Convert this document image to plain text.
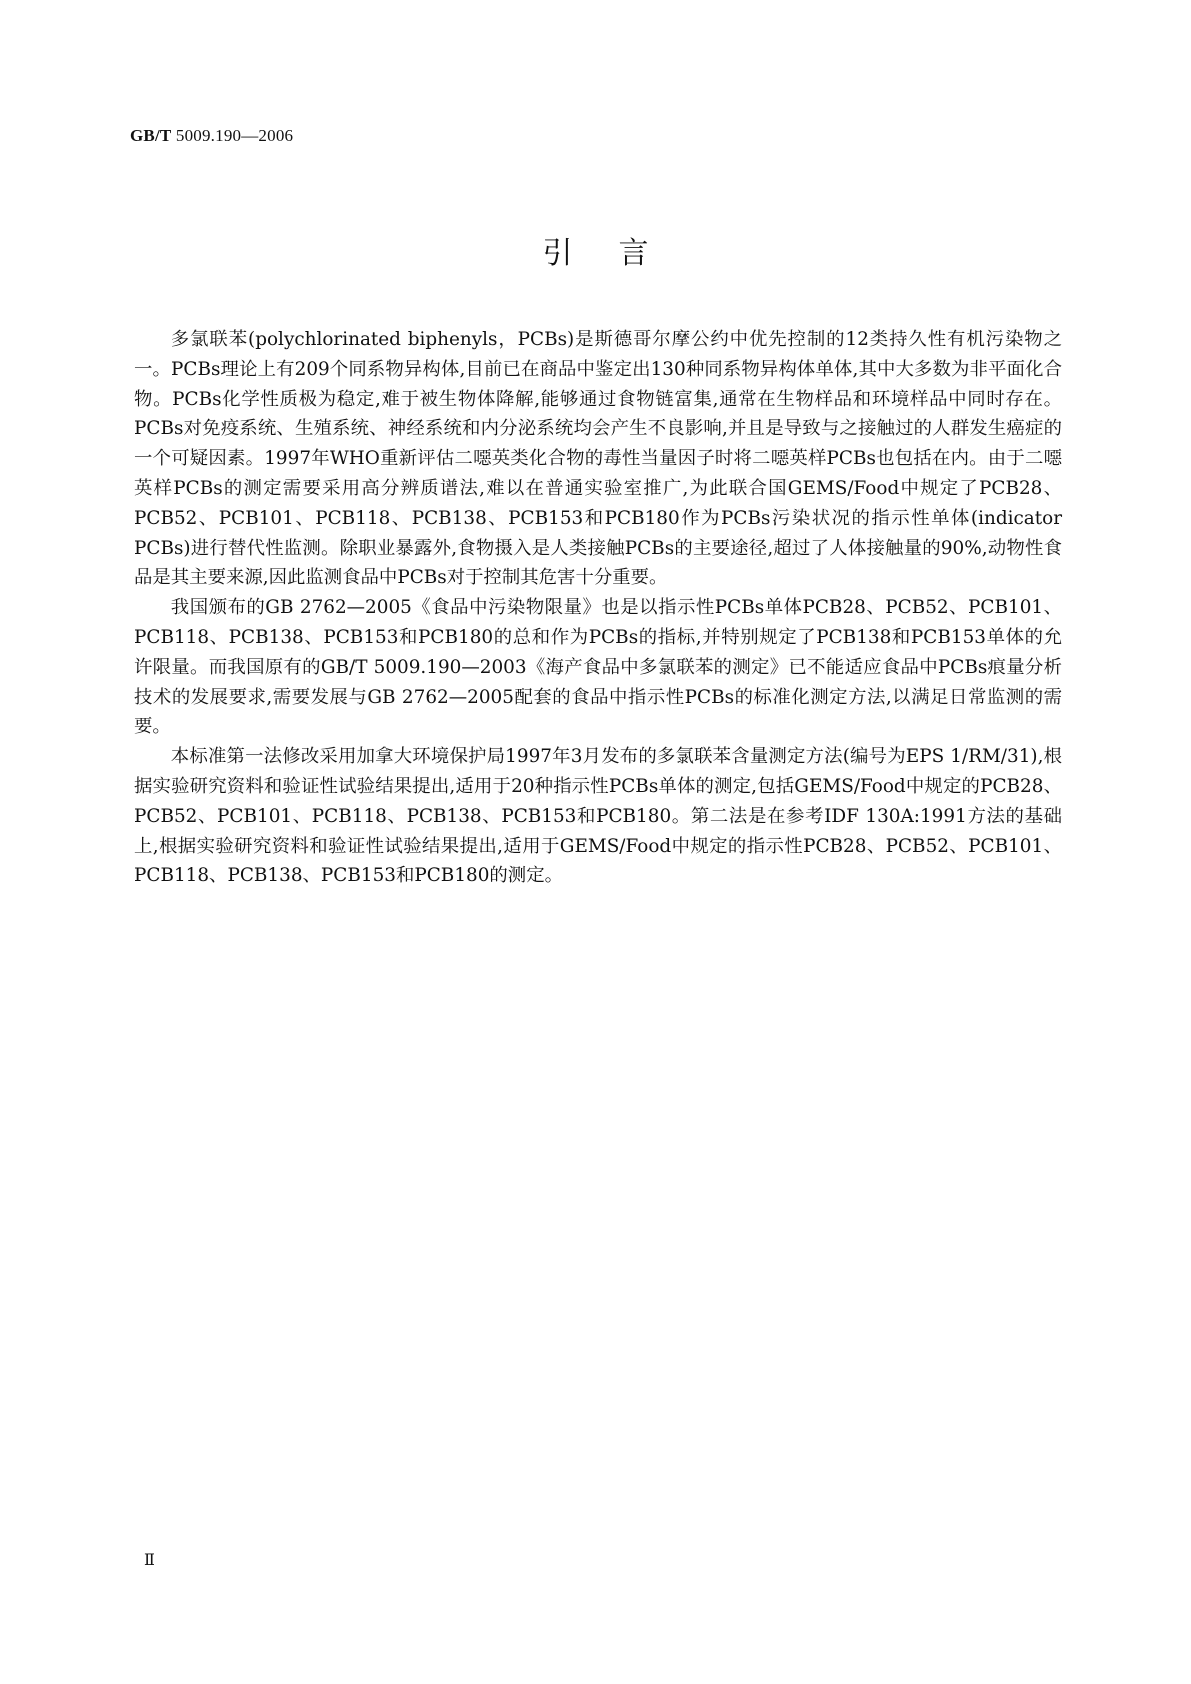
GB/T 5009.190—2006
引言

多氯联苯(polychlorinated biphenyls，PCBs)是斯德哥尔摩公约中优先控制的12类持久性有机污染物之一。PCBs理论上有209个同系物异构体,目前已在商品中鉴定出130种同系物异构体单体,其中大多数为非平面化合物。PCBs化学性质极为稳定,难于被生物体降解,能够通过食物链富集,通常在生物样品和环境样品中同时存在。PCBs对免疫系统、生殖系统、神经系统和内分泌系统均会产生不良影响,并且是导致与之接触过的人群发生癌症的一个可疑因素。1997年WHO重新评估二噁英类化合物的毒性当量因子时将二噁英样PCBs也包括在内。由于二噁英样PCBs的测定需要采用高分辨质谱法,难以在普通实验室推广,为此联合国GEMS/Food中规定了PCB28、PCB52、PCB101、PCB118、PCB138、PCB153和PCB180作为PCBs污染状况的指示性单体(indicator PCBs)进行替代性监测。除职业暴露外,食物摄入是人类接触PCBs的主要途径,超过了人体接触量的90%,动物性食品是其主要来源,因此监测食品中PCBs对于控制其危害十分重要。

我国颁布的GB 2762—2005《食品中污染物限量》也是以指示性PCBs单体PCB28、PCB52、PCB101、PCB118、PCB138、PCB153和PCB180的总和作为PCBs的指标,并特别规定了PCB138和PCB153单体的允许限量。而我国原有的GB/T 5009.190—2003《海产食品中多氯联苯的测定》已不能适应食品中PCBs痕量分析技术的发展要求,需要发展与GB 2762—2005配套的食品中指示性PCBs的标准化测定方法,以满足日常监测的需要。

本标准第一法修改采用加拿大环境保护局1997年3月发布的多氯联苯含量测定方法(编号为EPS 1/RM/31),根据实验研究资料和验证性试验结果提出,适用于20种指示性PCBs单体的测定,包括GEMS/Food中规定的PCB28、PCB52、PCB101、PCB118、PCB138、PCB153和PCB180。第二法是在参考IDF 130A:1991方法的基础上,根据实验研究资料和验证性试验结果提出,适用于GEMS/Food中规定的指示性PCB28、PCB52、PCB101、PCB118、PCB138、PCB153和PCB180的测定。

Ⅱ
